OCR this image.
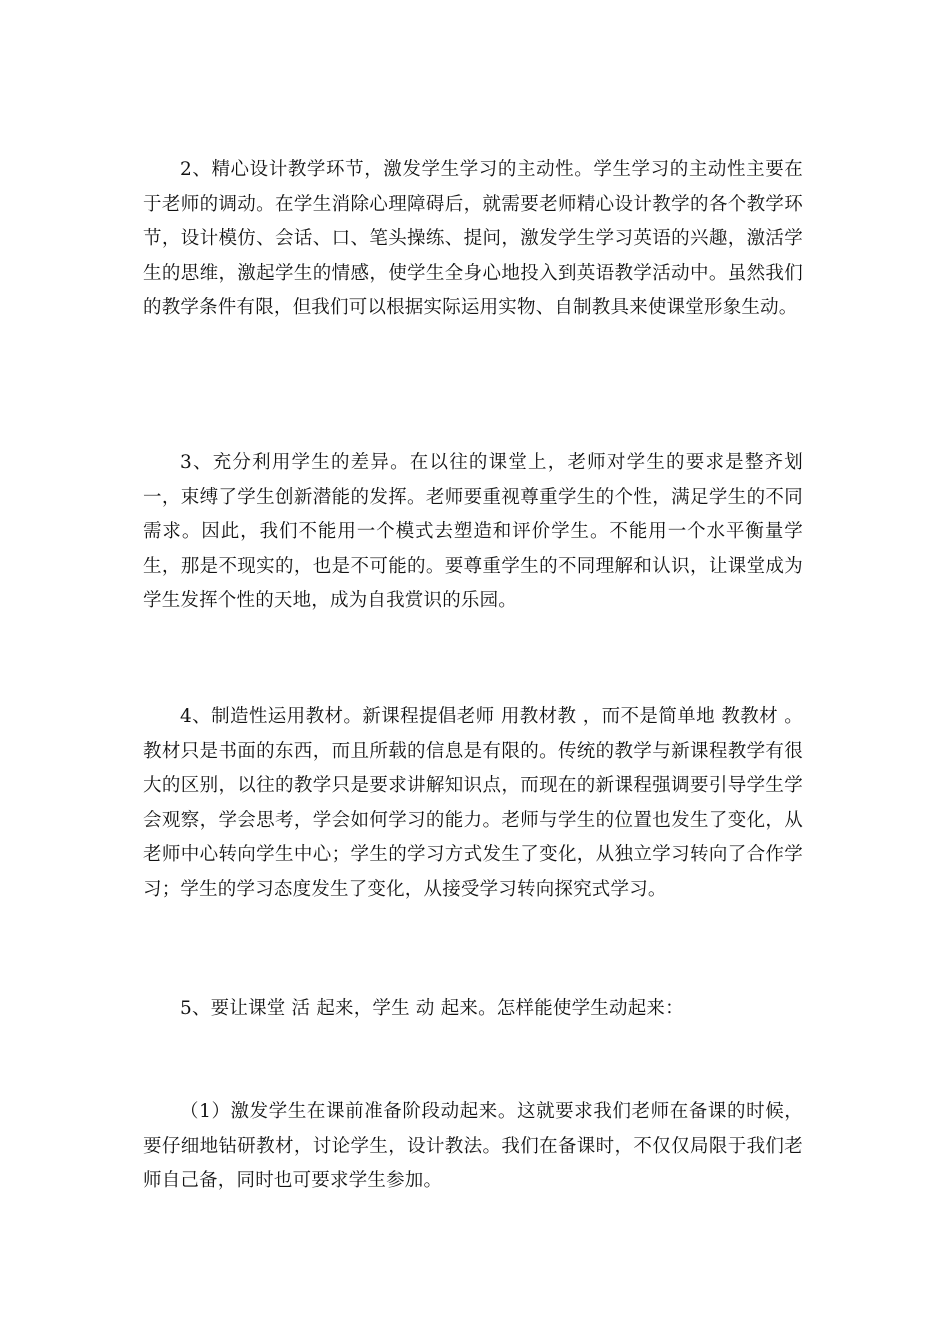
2、精心设计教学环节，激发学生学习的主动性。学生学习的主动性主要在于老师的调动。在学生消除心理障碍后，就需要老师精心设计教学的各个教学环节，设计模仿、会话、口、笔头操练、提问，激发学生学习英语的兴趣，激活学生的思维，激起学生的情感，使学生全身心地投入到英语教学活动中。虽然我们的教学条件有限，但我们可以根据实际运用实物、自制教具来使课堂形象生动。

3、充分利用学生的差异。在以往的课堂上，老师对学生的要求是整齐划一，束缚了学生创新潜能的发挥。老师要重视尊重学生的个性，满足学生的不同需求。因此，我们不能用一个模式去塑造和评价学生。不能用一个水平衡量学生，那是不现实的，也是不可能的。要尊重学生的不同理解和认识，让课堂成为学生发挥个性的天地，成为自我赏识的乐园。

4、制造性运用教材。新课程提倡老师 用教材教 ，而不是简单地 教教材 。教材只是书面的东西，而且所载的信息是有限的。传统的教学与新课程教学有很大的区别，以往的教学只是要求讲解知识点，而现在的新课程强调要引导学生学会观察，学会思考，学会如何学习的能力。老师与学生的位置也发生了变化，从老师中心转向学生中心；学生的学习方式发生了变化，从独立学习转向了合作学习；学生的学习态度发生了变化，从接受学习转向探究式学习。

5、要让课堂 活 起来，学生 动 起来。怎样能使学生动起来：

（1）激发学生在课前准备阶段动起来。这就要求我们老师在备课的时候，要仔细地钻研教材，讨论学生，设计教法。我们在备课时，不仅仅局限于我们老师自己备，同时也可要求学生参加。
